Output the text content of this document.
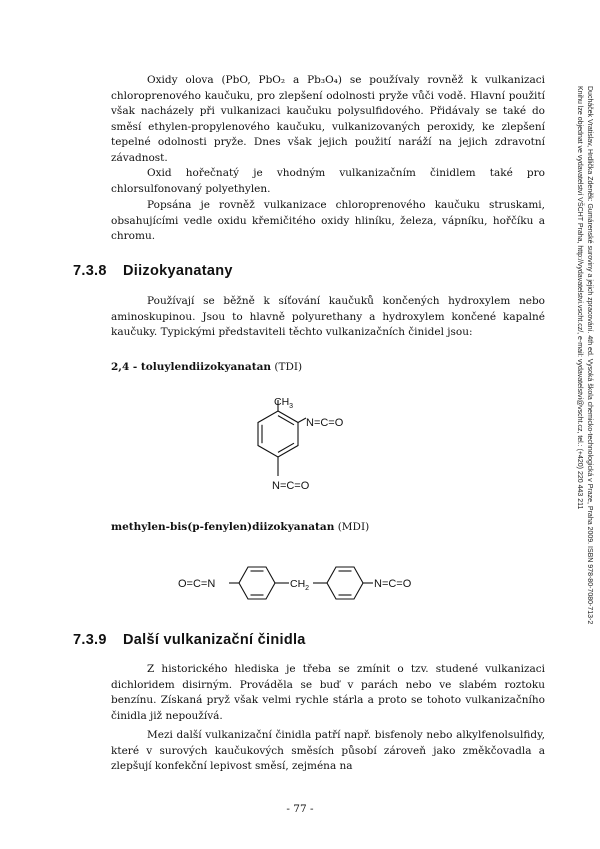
Oxidy olova (PbO, PbO₂ a Pb₃O₄) se používaly rovněž k vulkanizaci chloroprenového kaučuku, pro zlepšení odolnosti pryže vůči vodě. Hlavní použití však nacházely při vulkanizaci kaučuku polysulfidového. Přidávaly se také do směsí ethylen-propylenového kaučuku, vulkanizovaných peroxidy, ke zlepšení tepelné odolnosti pryže. Dnes však jejich použití naráží na jejich zdravotní závadnost.

Oxid hořečnatý je vhodným vulkanizačním činidlem také pro chlorsulfonovaný polyethylen.

Popsána je rovněž vulkanizace chloroprenového kaučuku struskami, obsahujícími vedle oxidu křemičitého oxidy hliníku, železa, vápníku, hořčíku a chromu.

7.3.8 Diizokyanatany

Používají se běžně k síťování kaučuků končených hydroxylem nebo aminoskupinou. Jsou to hlavně polyurethany a hydroxylem končené kapalné kaučuky. Typickými představiteli těchto vulkanizačních činidel jsou:

2,4 - toluylendiizokyanatan (TDI)
$CH_3$
N=C=O
N=C=O
methylen-bis(p-fenylen)diizokyanatan (MDI)
O=C=N	$CH_2$	N=C=O
7.3.9 Další vulkanizační činidla

Z historického hlediska je třeba se zmínit o tzv. studené vulkanizaci dichloridem disirným. Prováděla se buď v parách nebo ve slabém roztoku benzínu. Získaná pryž však velmi rychle stárla a proto se tohoto vulkanizačního činidla již nepoužívá.

Mezi další vulkanizační činidla patří např. bisfenoly nebo alkylfenolsulfidy, které v surových kaučukových směsích působí zároveň jako změkčovadla a zlepšují konfekční lepivost směsí, zejména na

- 77 -
Ducháček Vratislav, Hrdlička Zdeněk: Gumárenské suroviny a jejich zpracování. 4th ed. Vysoká škola chemicko-technologická v Praze, Praha 2009. ISBN 978-80-7080-713-2
Knihu lze objednat ve vydavatelství VŠCHT Praha, http://vydavatelstvi.vscht.cz/, e-mail: vydavatelstvi@vscht.cz, tel.: (+420) 220 443 211
